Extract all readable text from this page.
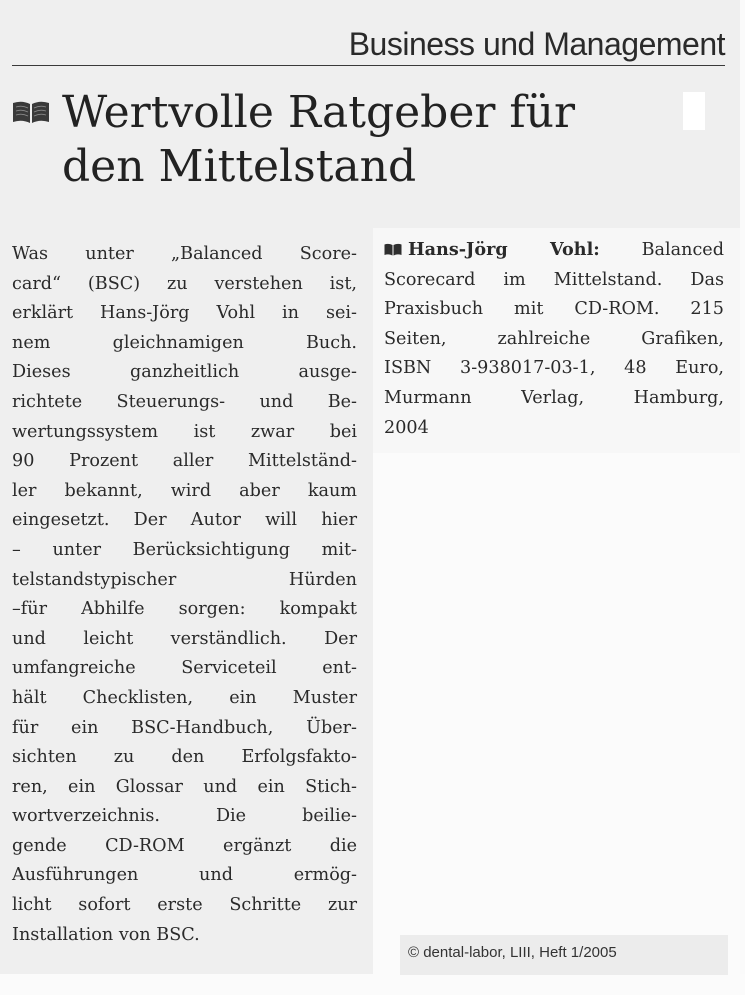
Business und Management
Wertvolle Ratgeber für
den Mittelstand
Was unter „Balanced Score-
card“ (BSC) zu verstehen ist,
erklärt Hans-Jörg Vohl in sei-
nem gleichnamigen Buch.
Dieses ganzheitlich ausge-
richtete Steuerungs- und Be-
wertungssystem ist zwar bei
90 Prozent aller Mittelständ-
ler bekannt, wird aber kaum
eingesetzt. Der Autor will hier
– unter Berücksichtigung mit-
telstandstypischer Hürden
–für Abhilfe sorgen: kompakt
und leicht verständlich. Der
umfangreiche Serviceteil ent-
hält Checklisten, ein Muster
für ein BSC-Handbuch, Über-
sichten zu den Erfolgsfakto-
ren, ein Glossar und ein Stich-
wortverzeichnis. Die beilie-
gende CD-ROM ergänzt die
Ausführungen und ermög-
licht sofort erste Schritte zur
Installation von BSC.
Hans-Jörg Vohl: Balanced
Scorecard im Mittelstand. Das
Praxisbuch mit CD-ROM. 215
Seiten, zahlreiche Grafiken,
ISBN 3-938017-03-1, 48 Euro,
Murmann Verlag, Hamburg,
2004
© dental-labor, LIII, Heft 1/2005
